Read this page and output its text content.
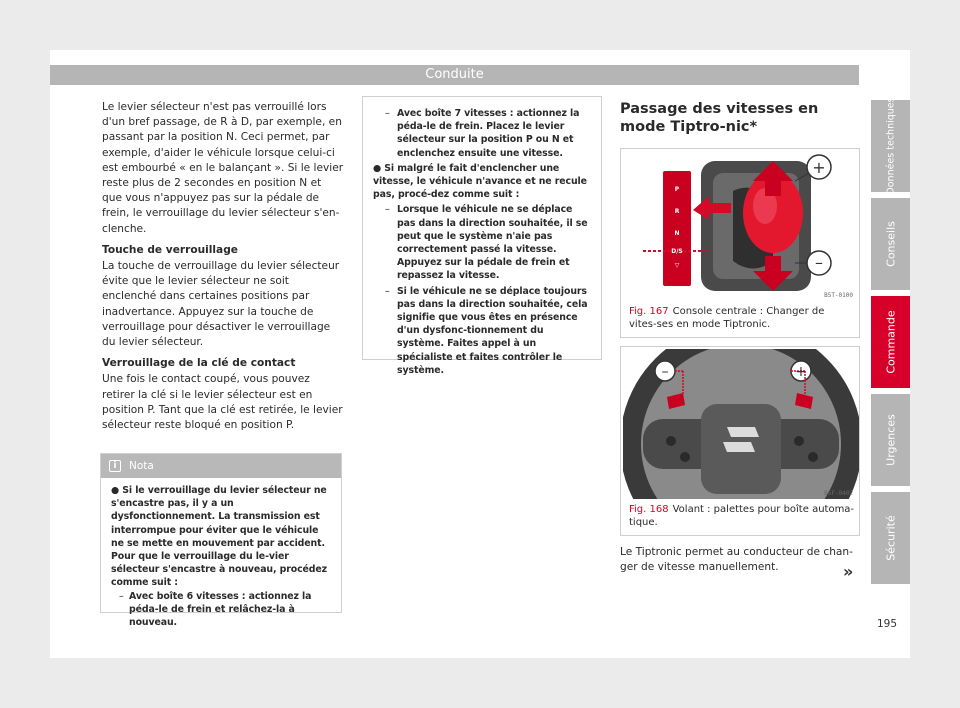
Conduite

Le levier sélecteur n'est pas verrouillé lors d'un bref passage, de R à D, par exemple, en passant par la position N. Ceci permet, par exemple, d'aider le véhicule lorsque celui-ci est embourbé « en le balançant ». Si le levier reste plus de 2 secondes en position N et que vous n'appuyez pas sur la pédale de frein, le verrouillage du levier sélecteur s'en-clenche.

Touche de verrouillage

La touche de verrouillage du levier sélecteur évite que le levier sélecteur ne soit enclenché dans certaines positions par inadvertance. Appuyez sur la touche de verrouillage pour désactiver le verrouillage du levier sélecteur.

Verrouillage de la clé de contact

Une fois le contact coupé, vous pouvez retirer la clé si le levier sélecteur est en position P. Tant que la clé est retirée, le levier sélecteur reste bloqué en position P.

i	Nota
● Si le verrouillage du levier sélecteur ne s'encastre pas, il y a un dysfonctionnement. La transmission est interrompue pour éviter que le véhicule ne se mette en mouvement par accident. Pour que le verrouillage du le-vier sélecteur s'encastre à nouveau, procédez comme suit :
– Avec boîte 6 vitesses : actionnez la péda-le de frein et relâchez-la à nouveau.
– Avec boîte 7 vitesses : actionnez la péda-le de frein. Placez le levier sélecteur sur la position P ou N et enclenchez ensuite une vitesse.
● Si malgré le fait d'enclencher une vitesse, le véhicule n'avance et ne recule pas, procé-dez comme suit :
– Lorsque le véhicule ne se déplace pas dans la direction souhaitée, il se peut que le système n'aie pas correctement passé la vitesse. Appuyez sur la pédale de frein et repassez la vitesse.
– Si le véhicule ne se déplace toujours pas dans la direction souhaitée, cela signifie que vous êtes en présence d'un dysfonc-tionnement du système. Faites appel à un spécialiste et faites contrôler le système.
Passage des vitesses en mode Tiptro-nic*
P
R
N
D/S
▽
+
–
B5T-0100
Fig. 167 Console centrale : Changer de vites-ses en mode Tiptronic.
–	+
B5F-0402
Fig. 168 Volant : palettes pour boîte automa-tique.
Le Tiptronic permet au conducteur de chan-ger de vitesse manuellement.	»
195
Données techniques
Conseils
Commande
Urgences
Sécurité
